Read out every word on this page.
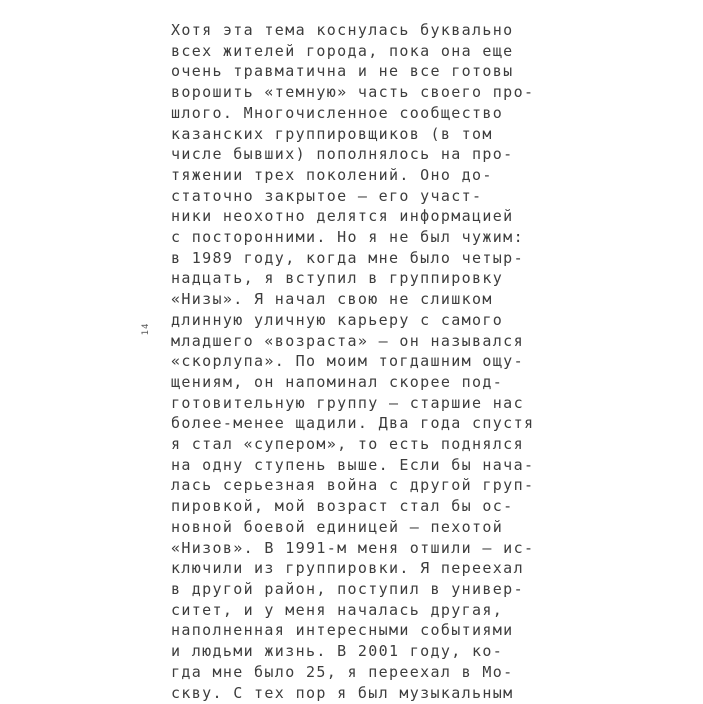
14
Хотя эта тема коснулась буквально
всех жителей города, пока она еще
очень травматична и не все готовы
ворошить «темную» часть своего про-
шлого. Многочисленное сообщество
казанских группировщиков (в том
числе бывших) пополнялось на про-
тяжении трех поколений. Оно до-
статочно закрытое — его участ-
ники неохотно делятся информацией
с посторонними. Но я не был чужим:
в 1989 году, когда мне было четыр-
надцать, я вступил в группировку
«Низы». Я начал свою не слишком
длинную уличную карьеру с самого
младшего «возраста» — он назывался
«скорлупа». По моим тогдашним ощу-
щениям, он напоминал скорее под-
готовительную группу — старшие нас
более-менее щадили. Два года спустя
я стал «супером», то есть поднялся
на одну ступень выше. Если бы нача-
лась серьезная война с другой груп-
пировкой, мой возраст стал бы ос-
новной боевой единицей — пехотой
«Низов». В 1991-м меня отшили — ис-
ключили из группировки. Я переехал
в другой район, поступил в универ-
ситет, и у меня началась другая,
наполненная интересными событиями
и людьми жизнь. В 2001 году, ко-
гда мне было 25, я переехал в Мо-
скву. С тех пор я был музыкальным
